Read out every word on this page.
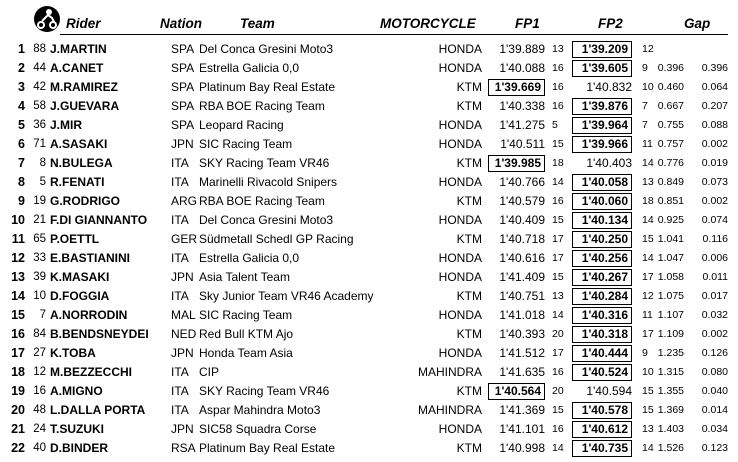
Rider	Nation	Team	MOTORCYCLE	FP1	FP2	Gap
1 88 J.MARTIN	SPA Del Conca Gresini Moto3	HONDA	1'39.889 13	1'39.209	12
2 44 A.CANET	SPA Estrella Galicia 0,0	HONDA	1'40.088 16	1'39.605	9 0.396	0.396
3 42 M.RAMIREZ	SPA Platinum Bay Real Estate	KTM	1'39.669	16	1'40.832 10 0.460	0.064
4 58 J.GUEVARA	SPA RBA BOE Racing Team	KTM	1'40.338 16	1'39.876	7 0.667	0.207
5 36 J.MIR	SPA Leopard Racing	HONDA	1'41.275 5	1'39.964	7 0.755	0.088
6 71 A.SASAKI	JPN SIC Racing Team	HONDA	1'40.511 15	1'39.966	11 0.757	0.002
7	8 N.BULEGA	ITA SKY Racing Team VR46	KTM	1'39.985	18	1'40.403 14 0.776	0.019
8	5 R.FENATI	ITA Marinelli Rivacold Snipers	HONDA	1'40.766 14	1'40.058	13 0.849	0.073
9 19 G.RODRIGO	ARG RBA BOE Racing Team	KTM	1'40.579 16	1'40.060	18 0.851	0.002
10 21 F.DI GIANNANTO ITA Del Conca Gresini Moto3	HONDA	1'40.409 15	1'40.134	14 0.925	0.074
11 65 P.OETTL	GER Südmetall Schedl GP Racing	KTM	1'40.718 17	1'40.250	15 1.041	0.116
12 33 E.BASTIANINI	ITA Estrella Galicia 0,0	HONDA	1'40.616 17	1'40.256	14 1.047	0.006
13 39 K.MASAKI	JPN Asia Talent Team	HONDA	1'41.409 15	1'40.267	17 1.058	0.011
14 10 D.FOGGIA	ITA Sky Junior Team VR46 Academy	KTM	1'40.751 13	1'40.284	12 1.075	0.017
15	7 A.NORRODIN	MAL SIC Racing Team	HONDA	1'41.018 14	1'40.316	11 1.107	0.032
16 84 B.BENDSNEYDEI NED Red Bull KTM Ajo	KTM	1'40.393 20	1'40.318	17 1.109	0.002
17 27 K.TOBA	JPN Honda Team Asia	HONDA	1'41.512 17	1'40.444	9 1.235	0.126
18 12 M.BEZZECCHI	ITA CIP	MAHINDRA	1'41.635 16	1'40.524	10 1.315	0.080
19 16 A.MIGNO	ITA SKY Racing Team VR46	KTM	1'40.564	20	1'40.594 15 1.355	0.040
20 48 L.DALLA PORTA ITA Aspar Mahindra Moto3	MAHINDRA	1'41.369 15	1'40.578	15 1.369	0.014
21 24 T.SUZUKI	JPN SIC58 Squadra Corse	HONDA	1'41.101 16	1'40.612	13 1.403	0.034
22 40 D.BINDER	RSA Platinum Bay Real Estate	KTM	1'40.998 14	1'40.735	14 1.526	0.123
